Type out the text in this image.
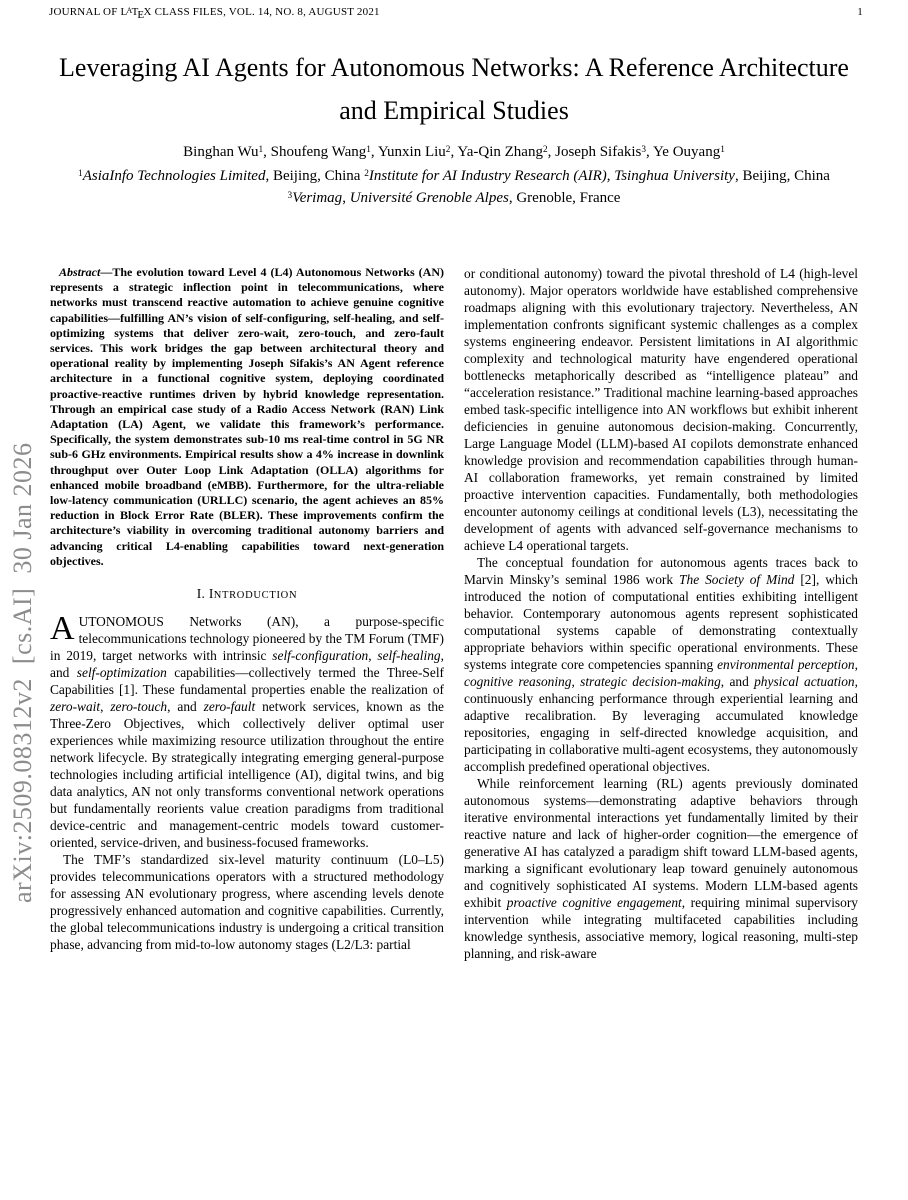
JOURNAL OF $L^ATEX$ CLASS FILES, VOL. 14, NO. 8, AUGUST 2021	1
arXiv:2509.08312v2  [cs.AI]  30 Jan 2026
Leveraging AI Agents for Autonomous Networks: A Reference Architecture and Empirical Studies
Binghan Wu$^1$, Shoufeng Wang$^1$, Yunxin Liu$^2$, Ya-Qin Zhang$^2$, Joseph Sifakis$^3$, Ye Ouyang$^1$
$^1$AsiaInfo Technologies Limited, Beijing, China $^2$Institute for AI Industry Research (AIR), Tsinghua University, Beijing, China $^3$Verimag, Université Grenoble Alpes, Grenoble, France

Abstract—The evolution toward Level 4 (L4) Autonomous Networks (AN) represents a strategic inflection point in telecommunications, where networks must transcend reactive automation to achieve genuine cognitive capabilities—fulfilling AN’s vision of self-configuring, self-healing, and self-optimizing systems that deliver zero-wait, zero-touch, and zero-fault services. This work bridges the gap between architectural theory and operational reality by implementing Joseph Sifakis’s AN Agent reference architecture in a functional cognitive system, deploying coordinated proactive-reactive runtimes driven by hybrid knowledge representation. Through an empirical case study of a Radio Access Network (RAN) Link Adaptation (LA) Agent, we validate this framework’s performance. Specifically, the system demonstrates sub-10 ms real-time control in 5G NR sub-6 GHz environments. Empirical results show a 4% increase in downlink throughput over Outer Loop Link Adaptation (OLLA) algorithms for enhanced mobile broadband (eMBB). Furthermore, for the ultra-reliable low-latency communication (URLLC) scenario, the agent achieves an 85% reduction in Block Error Rate (BLER). These improvements confirm the architecture’s viability in overcoming traditional autonomy barriers and advancing critical L4-enabling capabilities toward next-generation objectives.

I. INTRODUCTION

AUTONOMOUS Networks (AN), a purpose-specific telecommunications technology pioneered by the TM Forum (TMF) in 2019, target networks with intrinsic self-configuration, self-healing, and self-optimization capabilities—collectively termed the Three-Self Capabilities [1]. These fundamental properties enable the realization of zero-wait, zero-touch, and zero-fault network services, known as the Three-Zero Objectives, which collectively deliver optimal user experiences while maximizing resource utilization throughout the entire network lifecycle. By strategically integrating emerging general-purpose technologies including artificial intelligence (AI), digital twins, and big data analytics, AN not only transforms conventional network operations but fundamentally reorients value creation paradigms from traditional device-centric and management-centric models toward customer-oriented, service-driven, and business-focused frameworks.

The TMF’s standardized six-level maturity continuum (L0–L5) provides telecommunications operators with a structured methodology for assessing AN evolutionary progress, where ascending levels denote progressively enhanced automation and cognitive capabilities. Currently, the global telecommunications industry is undergoing a critical transition phase, advancing from mid-to-low autonomy stages (L2/L3: partial

or conditional autonomy) toward the pivotal threshold of L4 (high-level autonomy). Major operators worldwide have established comprehensive roadmaps aligning with this evolutionary trajectory. Nevertheless, AN implementation confronts significant systemic challenges as a complex systems engineering endeavor. Persistent limitations in AI algorithmic complexity and technological maturity have engendered operational bottlenecks metaphorically described as “intelligence plateau” and “acceleration resistance.” Traditional machine learning-based approaches embed task-specific intelligence into AN workflows but exhibit inherent deficiencies in genuine autonomous decision-making. Concurrently, Large Language Model (LLM)-based AI copilots demonstrate enhanced knowledge provision and recommendation capabilities through human-AI collaboration frameworks, yet remain constrained by limited proactive intervention capacities. Fundamentally, both methodologies encounter autonomy ceilings at conditional levels (L3), necessitating the development of agents with advanced self-governance mechanisms to achieve L4 operational targets.

The conceptual foundation for autonomous agents traces back to Marvin Minsky’s seminal 1986 work The Society of Mind [2], which introduced the notion of computational entities exhibiting intelligent behavior. Contemporary autonomous agents represent sophisticated computational systems capable of demonstrating contextually appropriate behaviors within specific operational environments. These systems integrate core competencies spanning environmental perception, cognitive reasoning, strategic decision-making, and physical actuation, continuously enhancing performance through experiential learning and adaptive recalibration. By leveraging accumulated knowledge repositories, engaging in self-directed knowledge acquisition, and participating in collaborative multi-agent ecosystems, they autonomously accomplish predefined operational objectives.

While reinforcement learning (RL) agents previously dominated autonomous systems—demonstrating adaptive behaviors through iterative environmental interactions yet fundamentally limited by their reactive nature and lack of higher-order cognition—the emergence of generative AI has catalyzed a paradigm shift toward LLM-based agents, marking a significant evolutionary leap toward genuinely autonomous and cognitively sophisticated AI systems. Modern LLM-based agents exhibit proactive cognitive engagement, requiring minimal supervisory intervention while integrating multifaceted capabilities including knowledge synthesis, associative memory, logical reasoning, multi-step planning, and risk-aware
